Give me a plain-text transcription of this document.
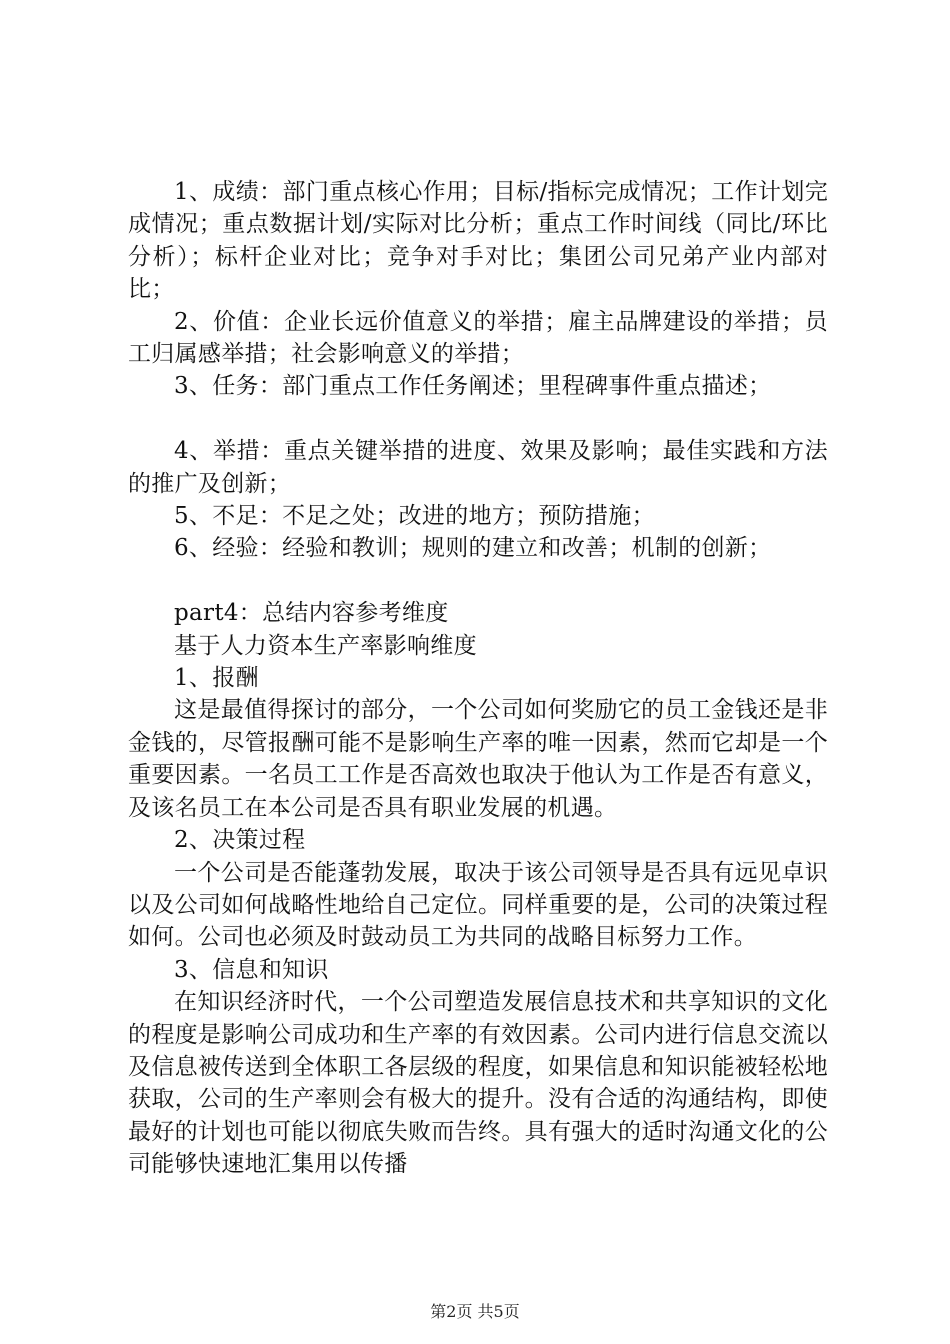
1、成绩：部门重点核心作用；目标/指标完成情况；工作计划完成情况；重点数据计划/实际对比分析；重点工作时间线（同比/环比分析）；标杆企业对比；竞争对手对比；集团公司兄弟产业内部对比；

2、价值：企业长远价值意义的举措；雇主品牌建设的举措；员工归属感举措；社会影响意义的举措；

3、任务：部门重点工作任务阐述；里程碑事件重点描述；

4、举措：重点关键举措的进度、效果及影响；最佳实践和方法的推广及创新；

5、不足：不足之处；改进的地方；预防措施；

6、经验：经验和教训；规则的建立和改善；机制的创新；

part4：总结内容参考维度

基于人力资本生产率影响维度

1、报酬

这是最值得探讨的部分，一个公司如何奖励它的员工金钱还是非金钱的，尽管报酬可能不是影响生产率的唯一因素，然而它却是一个重要因素。一名员工工作是否高效也取决于他认为工作是否有意义，及该名员工在本公司是否具有职业发展的机遇。

2、决策过程

一个公司是否能蓬勃发展，取决于该公司领导是否具有远见卓识以及公司如何战略性地给自己定位。同样重要的是，公司的决策过程如何。公司也必须及时鼓动员工为共同的战略目标努力工作。

3、信息和知识

在知识经济时代，一个公司塑造发展信息技术和共享知识的文化的程度是影响公司成功和生产率的有效因素。公司内进行信息交流以及信息被传送到全体职工各层级的程度，如果信息和知识能被轻松地获取，公司的生产率则会有极大的提升。没有合适的沟通结构，即使最好的计划也可能以彻底失败而告终。具有强大的适时沟通文化的公司能够快速地汇集用以传播

第2页 共5页
